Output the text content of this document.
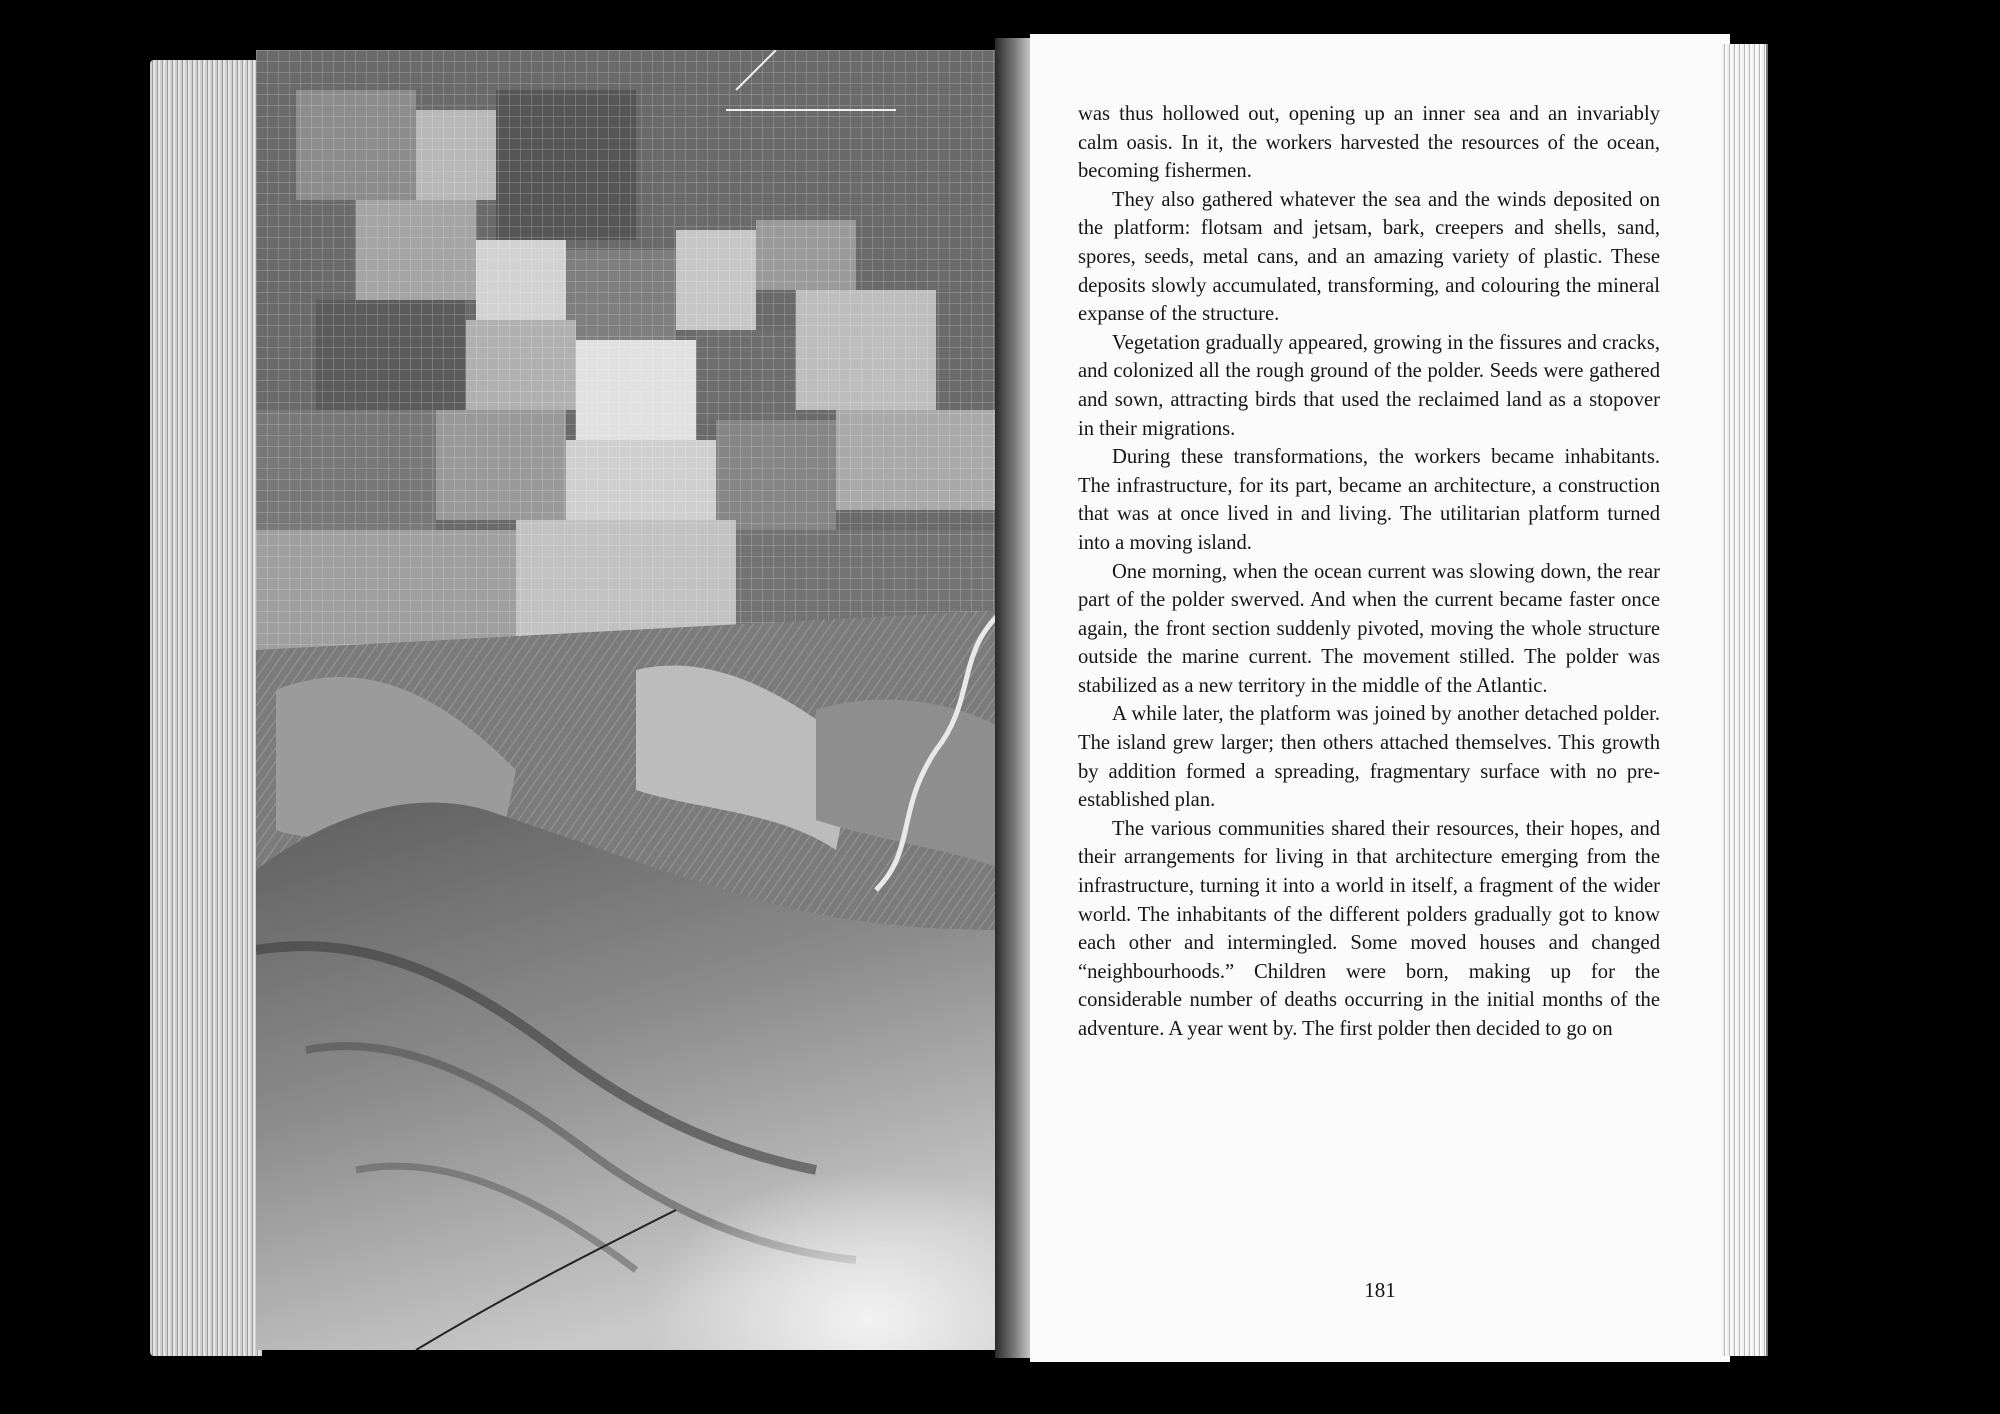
was thus hollowed out, opening up an inner sea and an invariably calm oasis. In it, the workers harvested the resources of the ocean, becoming fishermen.

They also gathered whatever the sea and the winds deposited on the platform: flotsam and jetsam, bark, creepers and shells, sand, spores, seeds, metal cans, and an amazing variety of plastic. These deposits slowly accumulated, transforming, and colouring the mineral expanse of the structure.

Vegetation gradually appeared, growing in the fissures and cracks, and colonized all the rough ground of the polder. Seeds were gathered and sown, attracting birds that used the reclaimed land as a stopover in their migrations.

During these transformations, the workers became inhabitants. The infrastructure, for its part, became an architecture, a construction that was at once lived in and living. The utilitarian platform turned into a moving island.

One morning, when the ocean current was slowing down, the rear part of the polder swerved. And when the current became faster once again, the front section suddenly pivoted, moving the whole structure outside the marine current. The movement stilled. The polder was stabilized as a new territory in the middle of the Atlantic.

A while later, the platform was joined by another detached polder. The island grew larger; then others attached themselves. This growth by addition formed a spreading, fragmentary surface with no pre-established plan.

The various communities shared their resources, their hopes, and their arrangements for living in that architecture emerging from the infrastructure, turning it into a world in itself, a fragment of the wider world. The inhabitants of the different polders gradually got to know each other and intermingled. Some moved houses and changed “neighbourhoods.” Children were born, making up for the considerable number of deaths occurring in the initial months of the adventure. A year went by. The first polder then decided to go on

181
